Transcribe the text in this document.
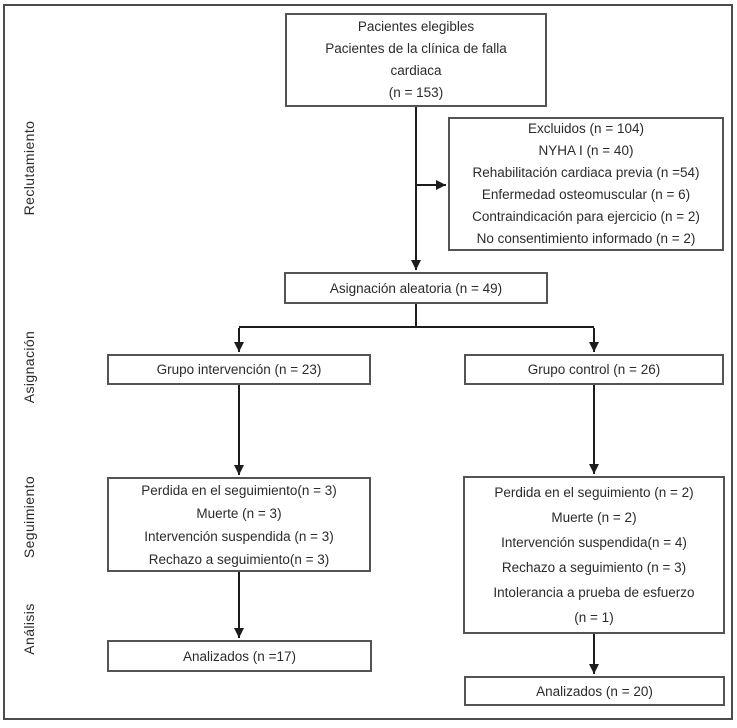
Reclutamiento
Asignación
Seguimiento
Análisis
Pacientes elegibles
Pacientes de la clínica de falla
cardiaca
(n = 153)
Excluidos (n = 104)
NYHA I (n = 40)
Rehabilitación cardiaca previa (n =54)
Enfermedad osteomuscular (n = 6)
Contraindicación para ejercicio (n = 2)
No consentimiento informado (n = 2)
Asignación aleatoria (n = 49)
Grupo intervención (n = 23)	Grupo control (n = 26)
Perdida en el seguimiento(n = 3)
Muerte (n = 3)
Intervención suspendida (n = 3)
Rechazo a seguimiento(n = 3)
Perdida en el seguimiento (n = 2)
Muerte (n = 2)
Intervención suspendida(n = 4)
Rechazo a seguimiento (n = 3)
Intolerancia a prueba de esfuerzo
(n = 1)
Analizados (n =17)
Analizados (n = 20)
